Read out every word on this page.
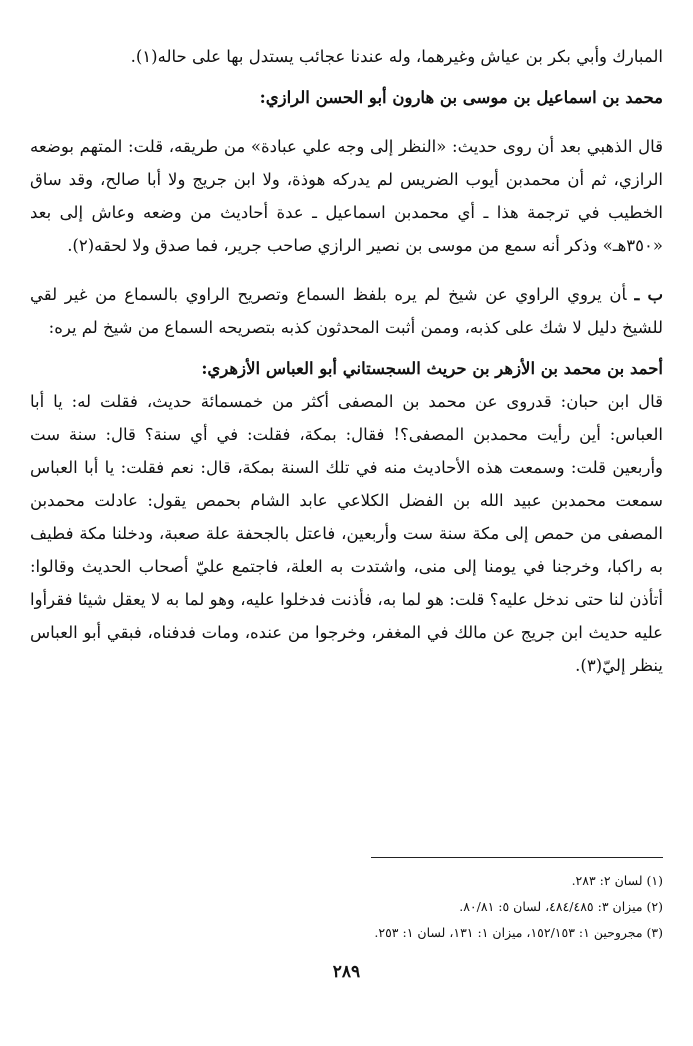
المبارك وأبي بكر بن عياش وغيرهما، وله عندنا عجائب يستدل بها على حاله(١).

محمد بن اسماعيل بن موسى بن هارون أبو الحسن الرازي:

قال الذهبي بعد أن روى حديث: «النظر إلى وجه علي عبادة» من طريقه، قلت: المتهم بوضعه الرازي، ثم أن محمدبن أيوب الضريس لم يدركه هوذة، ولا ابن جريج ولا أبا صالح، وقد ساق الخطيب في ترجمة هذا ـ أي محمدبن اسماعيل ـ عدة أحاديث من وضعه وعاش إلى بعد «٣٥٠هـ» وذكر أنه سمع من موسى بن نصير الرازي صاحب جرير، فما صدق ولا لحقه(٢).

ب ـأن يروي الراوي عن شيخ لم يره بلفظ السماع وتصريح الراوي بالسماع من غير لقي للشيخ دليل لا شك على كذبه، وممن أثبت المحدثون كذبه بتصريحه السماع من شيخ لم يره:

أحمد بن محمد بن الأزهر بن حريث السجستاني أبو العباس الأزهري:

قال ابن حبان: قدروى عن محمد بن المصفى أكثر من خمسمائة حديث، فقلت له: يا أبا العباس: أين رأيت محمدبن المصفى؟! فقال: بمكة، فقلت: في أي سنة؟ قال: سنة ست وأربعين قلت: وسمعت هذه الأحاديث منه في تلك السنة بمكة، قال: نعم فقلت: يا أبا العباس سمعت محمدبن عبيد الله بن الفضل الكلاعي عابد الشام بحمص يقول: عادلت محمدبن المصفى من حمص إلى مكة سنة ست وأربعين، فاعتل بالجحفة علة صعبة، ودخلنا مكة فطيف به راكبا، وخرجنا في يومنا إلى منى، واشتدت به العلة، فاجتمع عليّ أصحاب الحديث وقالوا: أتأذن لنا حتى ندخل عليه؟ قلت: هو لما به، فأذنت فدخلوا عليه، وهو لما به لا يعقل شيئا فقرأوا عليه حديث ابن جريج عن مالك في المغفر، وخرجوا من عنده، ومات فدفناه، فبقي أبو العباس ينظر إليّ(٣).

(١) لسان ٢: ٢٨٣.

(٢) ميزان ٣: ٤٨٤/٤٨٥، لسان ٥: ٨٠/٨١.

(٣) مجروحين ١: ١٥٢/١٥٣، ميزان ١: ١٣١، لسان ١: ٢٥٣.

٢٨٩
